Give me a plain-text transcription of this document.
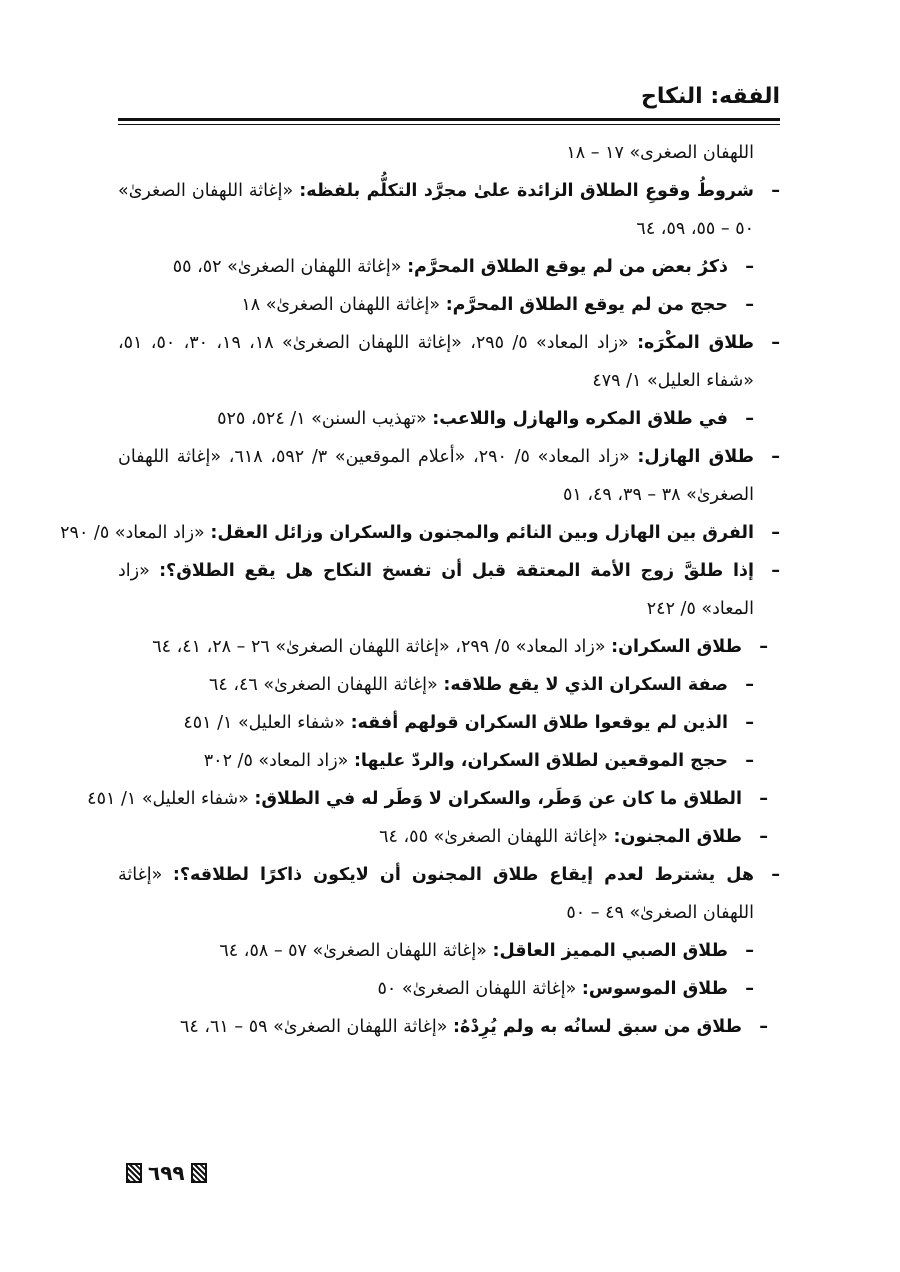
الفقه: النكاح

اللهفان الصغرى» ١٧ – ١٨

–
شروطُ وقوعِ الطلاق الزائدة علىٰ مجرَّد التكلُّم بلفظه: «إغاثة اللهفان الصغرىٰ» ٥٠ – ٥٥، ٥٩، ٦٤

–
ذكرُ بعض من لم يوقع الطلاق المحرَّم: «إغاثة اللهفان الصغرىٰ» ٥٢، ٥٥

–
حجج من لم يوقع الطلاق المحرَّم: «إغاثة اللهفان الصغرىٰ» ١٨

–
طلاق المكْرَه: «زاد المعاد» ٥/ ٢٩٥، «إغاثة اللهفان الصغرىٰ» ١٨، ١٩، ٣٠، ٥٠، ٥١، «شفاء العليل» ١/ ٤٧٩

–
في طلاق المكره والهازل واللاعب: «تهذيب السنن» ١/ ٥٢٤، ٥٢٥

–
طلاق الهازل: «زاد المعاد» ٥/ ٢٩٠، «أعلام الموقعين» ٣/ ٥٩٢، ٦١٨، «إغاثة اللهفان الصغرىٰ» ٣٨ – ٣٩، ٤٩، ٥١

–
الفرق بين الهازل وبين النائم والمجنون والسكران وزائل العقل: «زاد المعاد» ٥/ ٢٩٠

–
إذا طلقَّ زوج الأمة المعتقة قبل أن تفسخ النكاح هل يقع الطلاق؟: «زاد المعاد» ٥/ ٢٤٢

–
طلاق السكران: «زاد المعاد» ٥/ ٢٩٩، «إغاثة اللهفان الصغرىٰ» ٢٦ – ٢٨، ٤١، ٦٤

–
صفة السكران الذي لا يقع طلاقه: «إغاثة اللهفان الصغرىٰ» ٤٦، ٦٤

–
الذين لم يوقعوا طلاق السكران قولهم أفقه: «شفاء العليل» ١/ ٤٥١

–
حجج الموقعين لطلاق السكران، والردّ عليها: «زاد المعاد» ٥/ ٣٠٢

–
الطلاق ما كان عن وَطَر، والسكران لا وَطَر له في الطلاق: «شفاء العليل» ١/ ٤٥١

–
طلاق المجنون: «إغاثة اللهفان الصغرىٰ» ٥٥، ٦٤

–
هل يشترط لعدم إيقاع طلاق المجنون أن لايكون ذاكرًا لطلاقه؟: «إغاثة اللهفان الصغرىٰ» ٤٩ – ٥٠

–
طلاق الصبي المميز العاقل: «إغاثة اللهفان الصغرىٰ» ٥٧ – ٥٨، ٦٤

–
طلاق الموسوس: «إغاثة اللهفان الصغرىٰ» ٥٠

–
طلاق من سبق لسانُه به ولم يُرِدْهُ: «إغاثة اللهفان الصغرىٰ» ٥٩ – ٦١، ٦٤

٦٩٩
